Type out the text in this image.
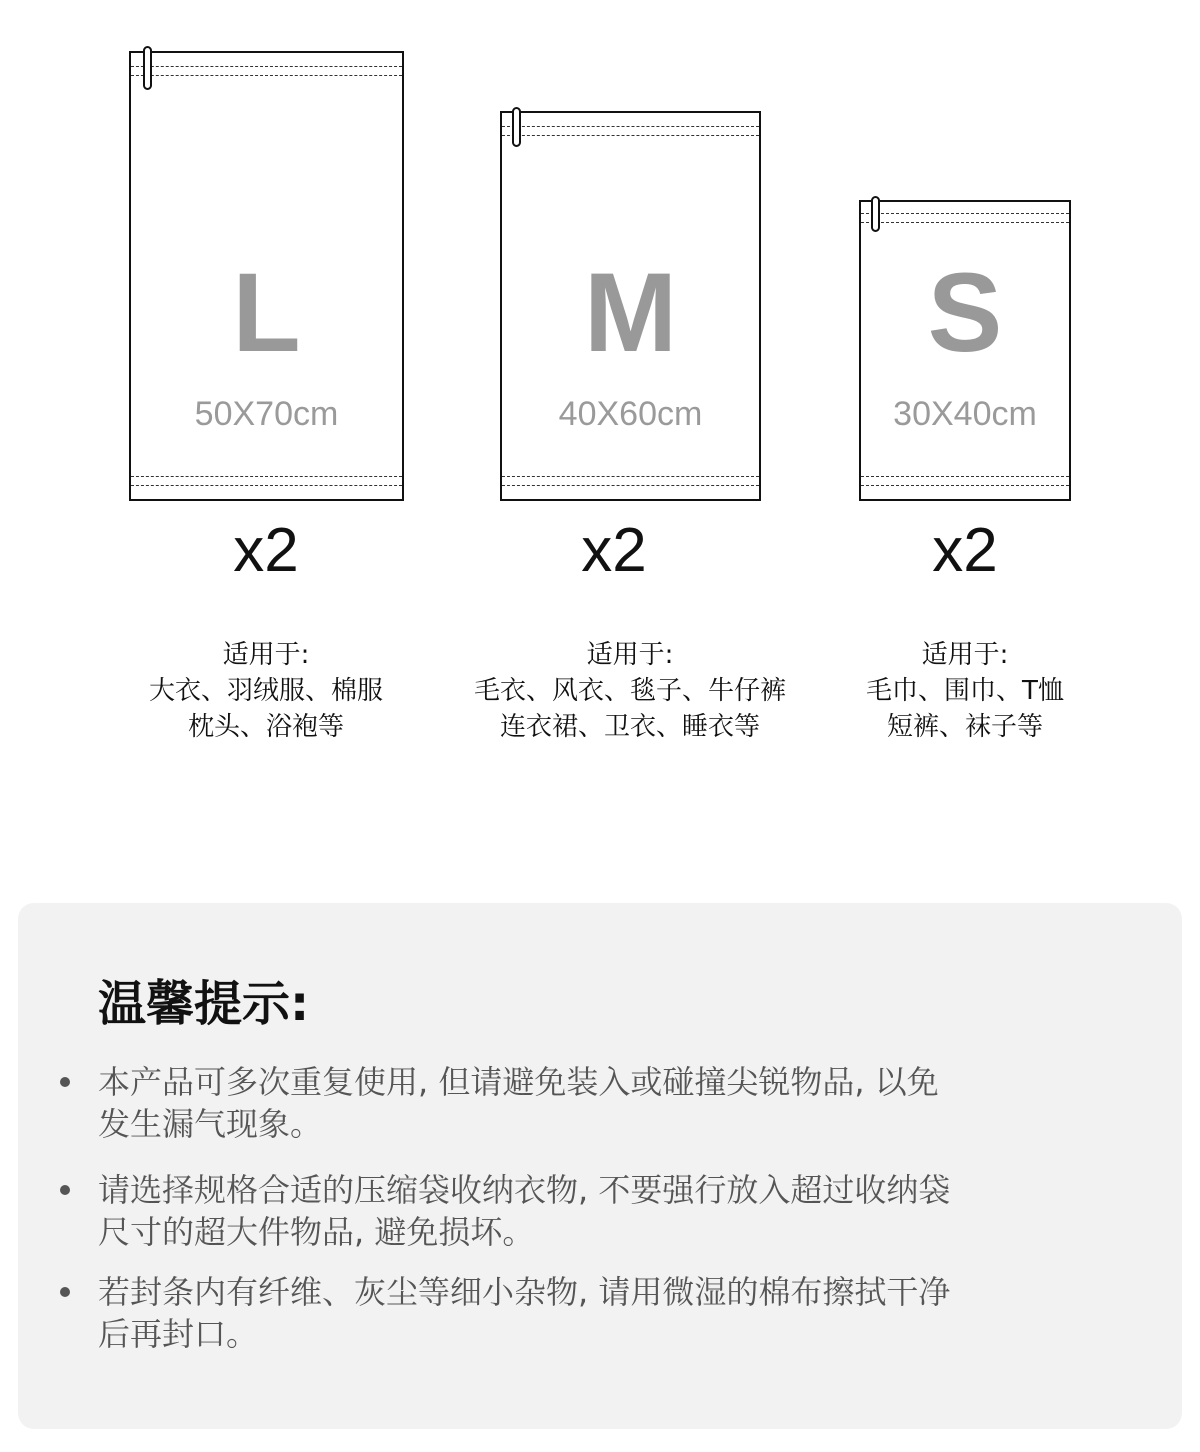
L
50X70cm
M
40X60cm
S
30X40cm
x2	x2	x2
适用于:
大衣、羽绒服、棉服
枕头、浴袍等
适用于:
毛衣、风衣、毯子、牛仔裤
连衣裙、卫衣、睡衣等
适用于:
毛巾、围巾、T恤
短裤、袜子等
温馨提示:
本产品可多次重复使用, 但请避免装入或碰撞尖锐物品, 以免
发生漏气现象。
请选择规格合适的压缩袋收纳衣物, 不要强行放入超过收纳袋
尺寸的超大件物品, 避免损坏。
若封条内有纤维、灰尘等细小杂物, 请用微湿的棉布擦拭干净
后再封口。
